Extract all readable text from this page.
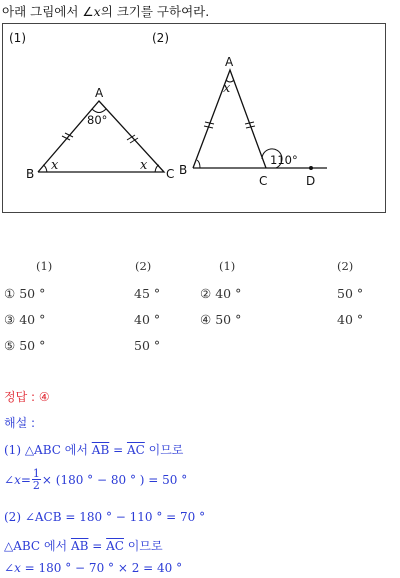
아래 그림에서 ∠x의 크기를 구하여라.
(1)	(2)
A
B	C
80°
x	x
A
B
C	D
110°
x
(1)	(2)	(1)	(2)
① 50 °	45 °	② 40 °	50 °
③ 40 °	40 °	④ 50 °	40 °
⑤ 50 °	50 °
정답 : ④
해설 :
(1) △ABC 에서 $\overline{AB} = \overline{AC}$ 이므로
∠ $x = \frac{1}{2} \times (180$ ° − 80 ° ) = 50 °
(2) ∠ACB = 180 ° − 110 ° = 70 °
△ABC 에서 $\overline{AB} = \overline{AC}$ 이므로
∠x = 180 ° − 70 ° × 2 = 40 °
